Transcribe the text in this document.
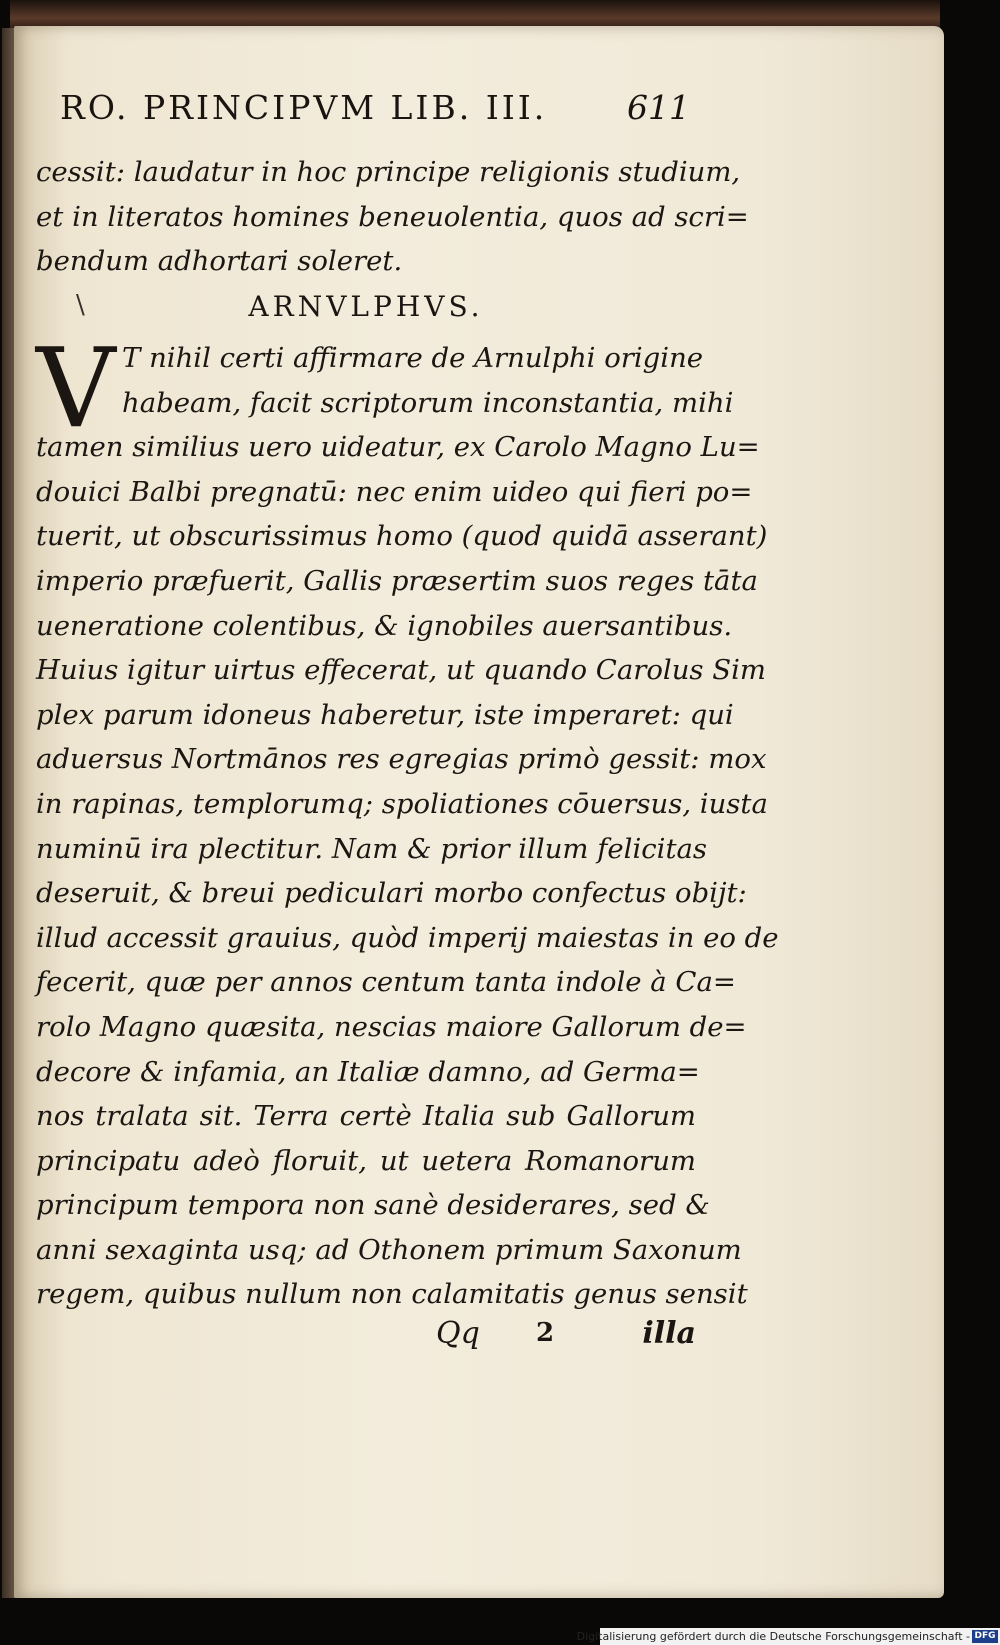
RO. PRINCIPVM LIB. III. 611
cessit: laudatur in hoc principe religionis studium,
et in literatos homines beneuolentia, quos ad scri=
bendum adhortari soleret.
\	ARNVLPHVS.
V T nihil certi affirmare de Arnulphi origine
habeam, facit scriptorum inconstantia, mihi
tamen similius uero uideatur, ex Carolo Magno Lu=
douici Balbi pregnatū: nec enim uideo qui fieri po=
tuerit, ut obscurissimus homo (quod quidā asserant)
imperio præfuerit, Gallis præsertim suos reges tāta
ueneratione colentibus, & ignobiles auersantibus.
Huius igitur uirtus effecerat, ut quando Carolus Sim
plex parum idoneus haberetur, iste imperaret: qui
aduersus Nortmānos res egregias primò gessit: mox
in rapinas, templorumq; spoliationes cōuersus, iusta
numinū ira plectitur. Nam & prior illum felicitas
deseruit, & breui pediculari morbo confectus obijt:
illud accessit grauius, quòd imperij maiestas in eo de
fecerit, quæ per annos centum tanta indole à Ca=
rolo Magno quæsita, nescias maiore Gallorum de=
decore & infamia, an Italiæ damno, ad Germa=
nos tralata sit. Terra certè Italia sub Gallorum
principatu adeò floruit, ut uetera Romanorum
principum tempora non sanè desiderares, sed &
anni sexaginta usq; ad Othonem primum Saxonum
regem, quibus nullum non calamitatis genus sensit
Qq 2	illa
Digitalisierung gefördert durch die Deutsche Forschungsgemeinschaft - DFG
